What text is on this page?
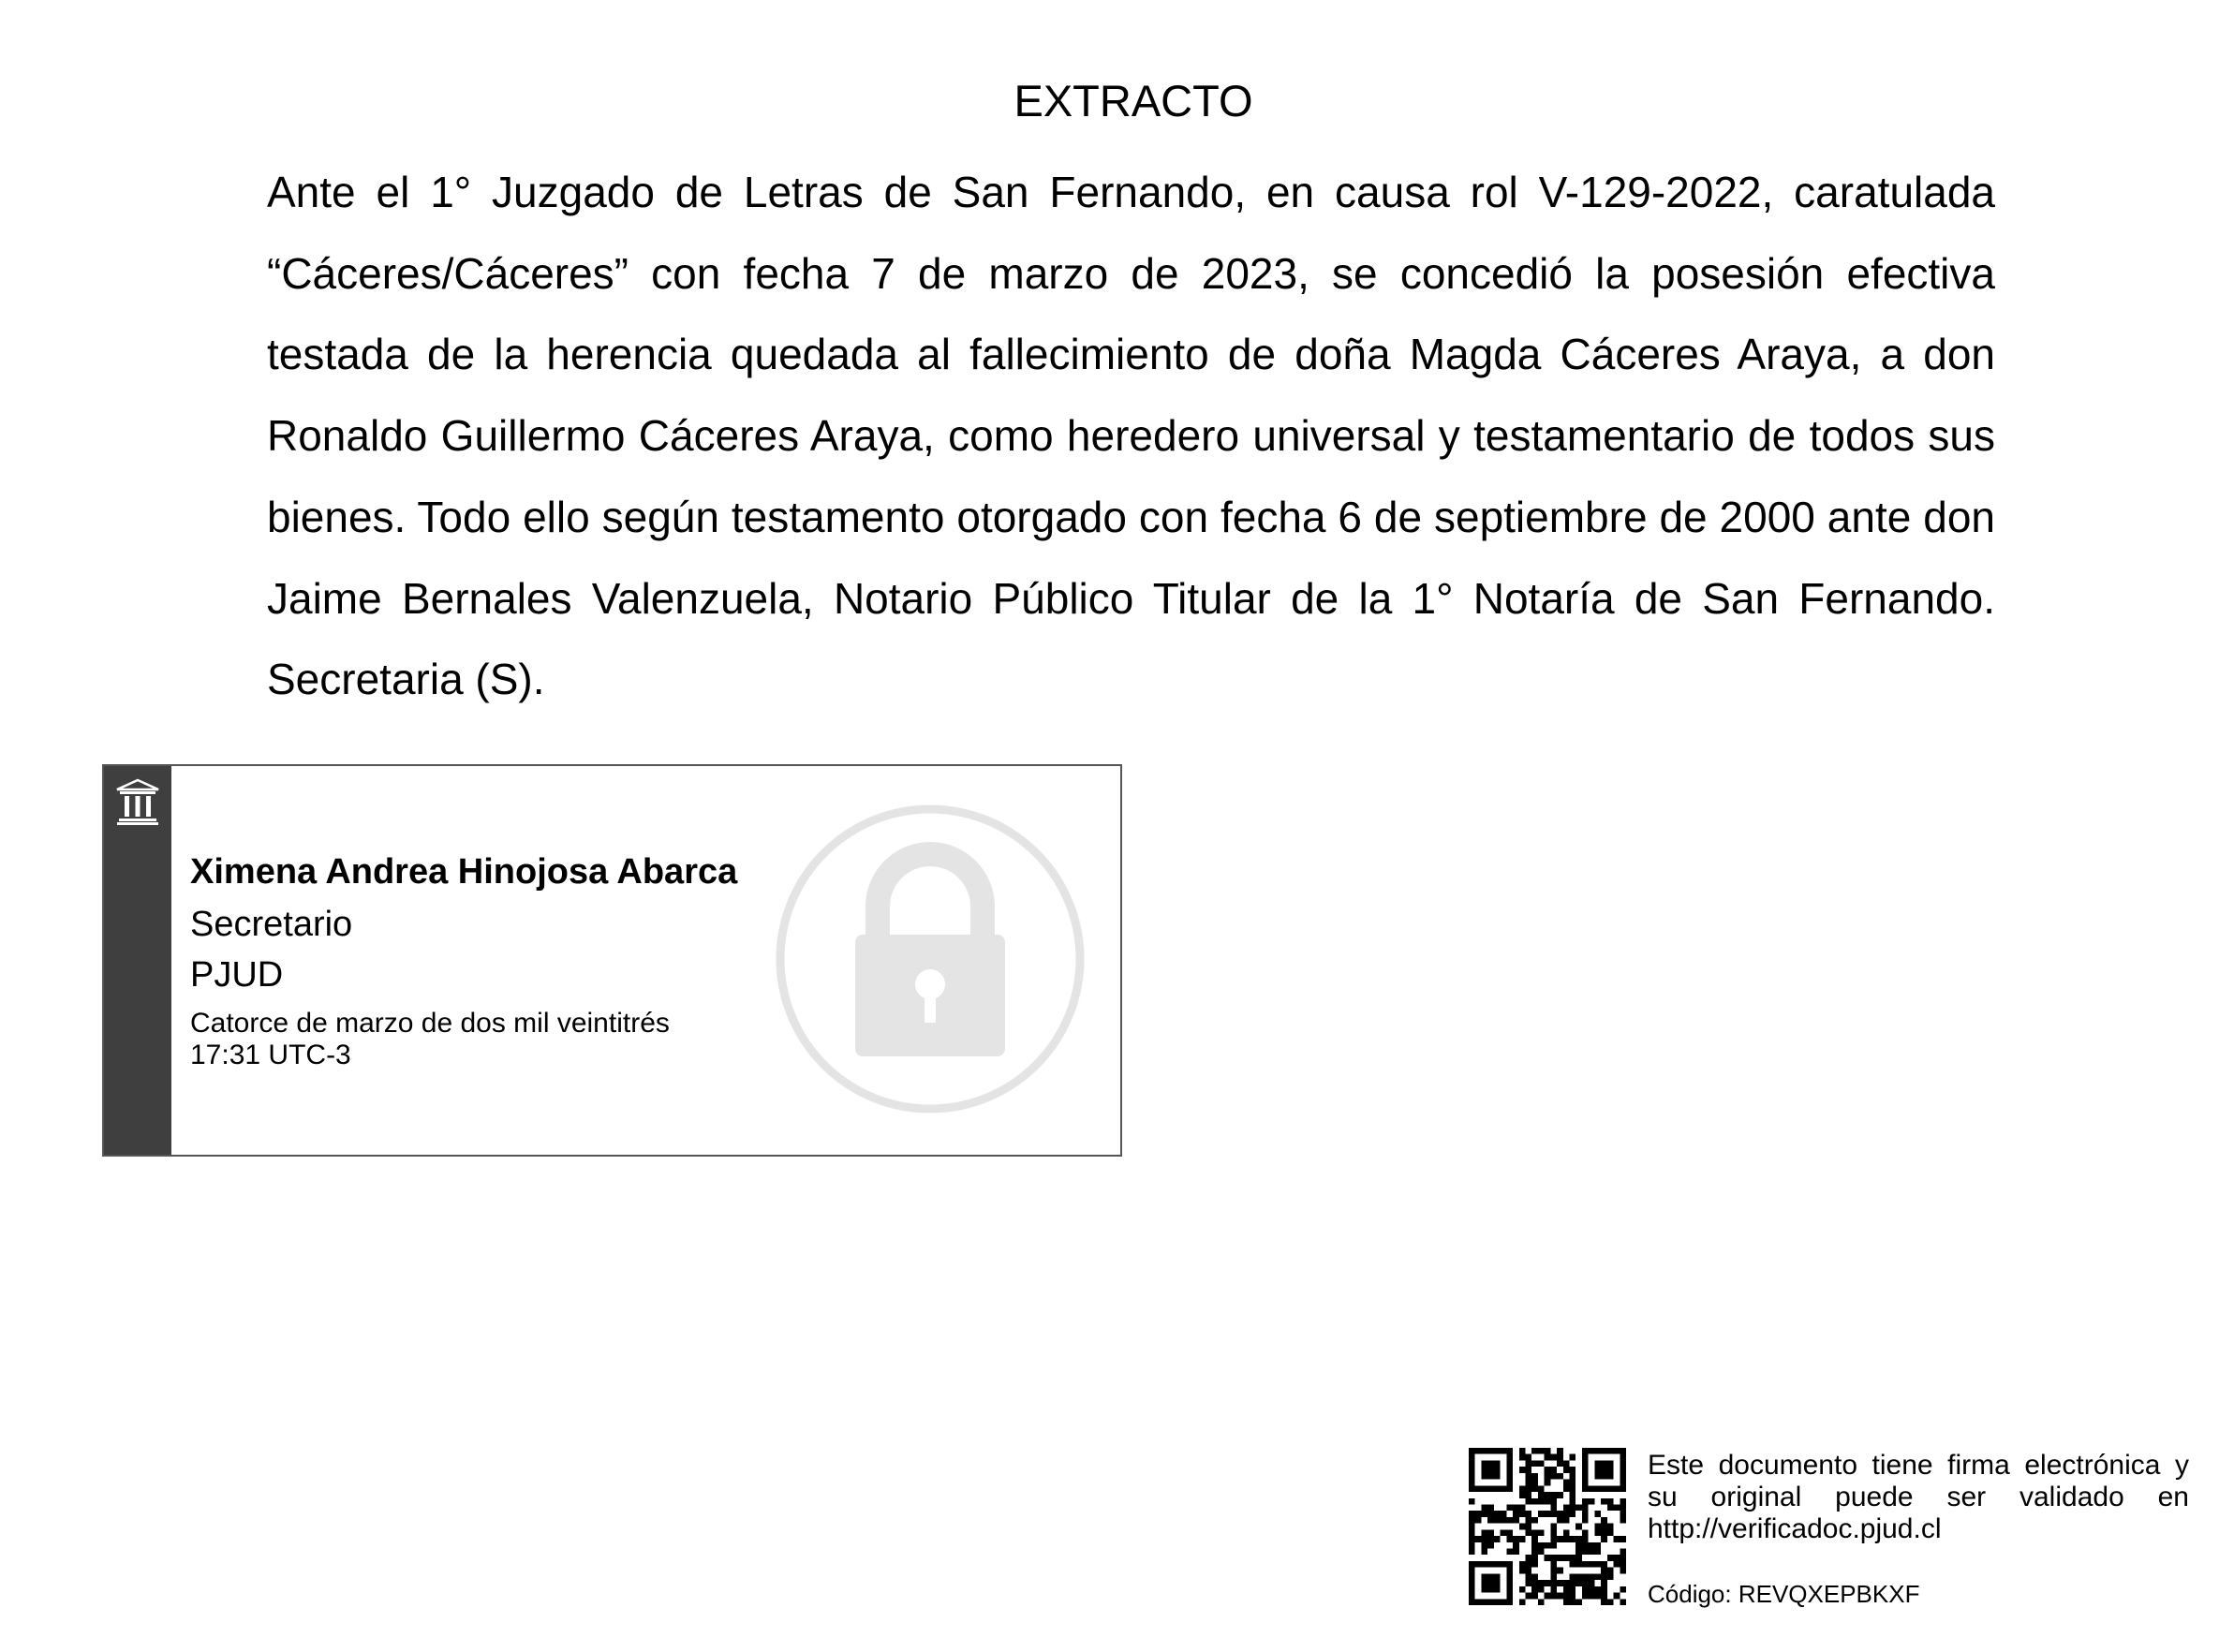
EXTRACTO
Ante el 1° Juzgado de Letras de San Fernando, en causa rol V-129-2022, caratulada “Cáceres/Cáceres” con fecha 7 de marzo de 2023, se concedió la posesión efectiva testada de la herencia quedada al fallecimiento de doña Magda Cáceres Araya, a don Ronaldo Guillermo Cáceres Araya, como heredero universal y testamentario de todos sus bienes. Todo ello según testamento otorgado con fecha 6 de septiembre de 2000 ante don Jaime Bernales Valenzuela, Notario Público Titular de la 1° Notaría de San Fernando. Secretaria (S).
Ximena Andrea Hinojosa Abarca
Secretario
PJUD
Catorce de marzo de dos mil veintitrés
17:31 UTC-3
Este documento tiene firma electrónica y su original puede ser validado en http://verificadoc.pjud.cl
Código: REVQXEPBKXF
